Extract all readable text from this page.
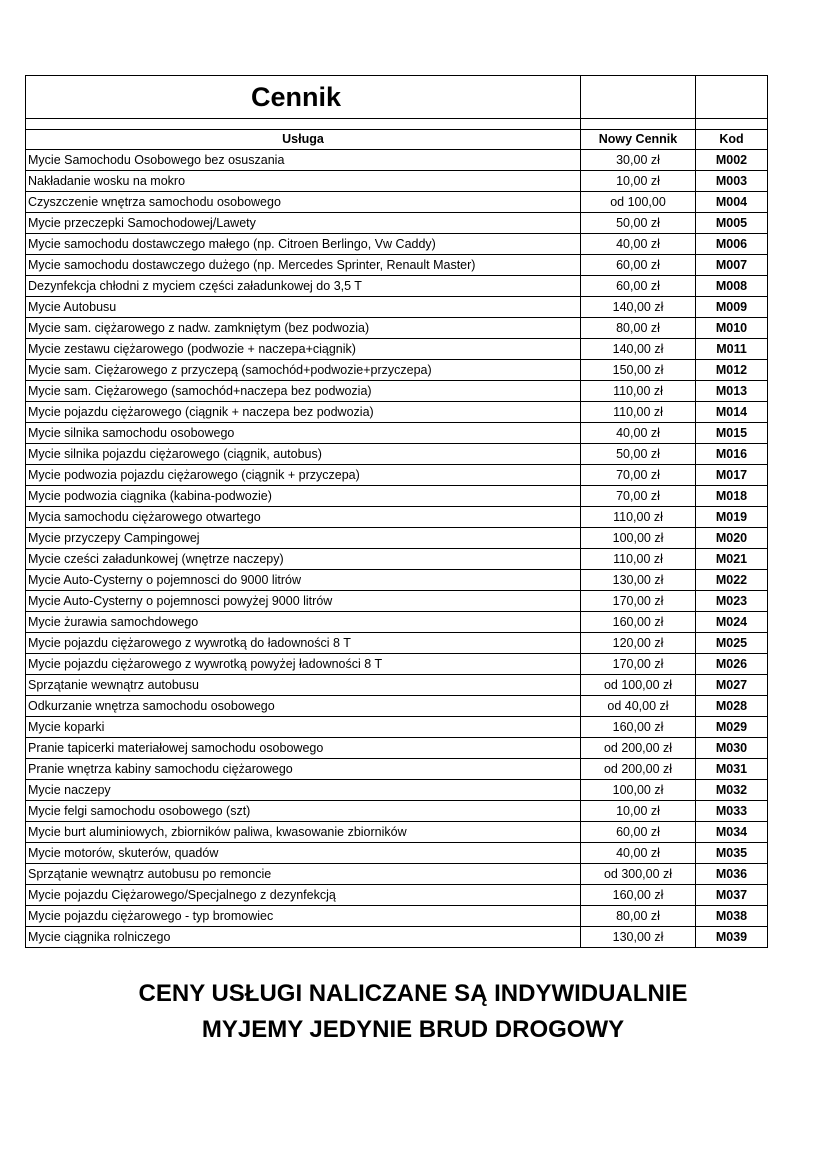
Cennik		

Usługa	Nowy Cennik	Kod
Mycie Samochodu Osobowego bez osuszania	30,00 zł	M002
Nakładanie wosku na mokro	10,00 zł	M003
Czyszczenie wnętrza samochodu osobowego	od 100,00	M004
Mycie przeczepki Samochodowej/Lawety	50,00 zł	M005
Mycie samochodu dostawczego małego (np. Citroen Berlingo, Vw Caddy)	40,00 zł	M006
Mycie samochodu dostawczego dużego (np. Mercedes Sprinter, Renault Master)	60,00 zł	M007
Dezynfekcja chłodni z myciem części załadunkowej do 3,5 T	60,00 zł	M008
Mycie Autobusu	140,00 zł	M009
Mycie sam. ciężarowego z nadw. zamkniętym (bez podwozia)	80,00 zł	M010
Mycie zestawu ciężarowego (podwozie + naczepa+ciągnik)	140,00 zł	M011
Mycie sam. Ciężarowego z przyczepą (samochód+podwozie+przyczepa)	150,00 zł	M012
Mycie sam. Ciężarowego (samochód+naczepa bez podwozia)	110,00 zł	M013
Mycie pojazdu ciężarowego (ciągnik + naczepa bez podwozia)	110,00 zł	M014
Mycie silnika samochodu osobowego	40,00 zł	M015
Mycie silnika pojazdu ciężarowego (ciągnik, autobus)	50,00 zł	M016
Mycie podwozia pojazdu ciężarowego (ciągnik + przyczepa)	70,00 zł	M017
Mycie podwozia ciągnika (kabina-podwozie)	70,00 zł	M018
Mycia samochodu ciężarowego otwartego	110,00 zł	M019
Mycie przyczepy Campingowej	100,00 zł	M020
Mycie cześci załadunkowej (wnętrze naczepy)	110,00 zł	M021
Mycie Auto-Cysterny o pojemnosci do 9000 litrów	130,00 zł	M022
Mycie Auto-Cysterny o pojemnosci powyżej 9000 litrów	170,00 zł	M023
Mycie żurawia samochdowego	160,00 zł	M024
Mycie pojazdu ciężarowego z wywrotką do ładowności 8 T	120,00 zł	M025
Mycie pojazdu ciężarowego z wywrotką powyżej ładowności 8 T	170,00 zł	M026
Sprzątanie wewnątrz autobusu	od 100,00 zł	M027
Odkurzanie wnętrza samochodu osobowego	od 40,00 zł	M028
Mycie koparki	160,00 zł	M029
Pranie tapicerki materiałowej samochodu osobowego	od 200,00 zł	M030
Pranie wnętrza kabiny samochodu ciężarowego	od 200,00 zł	M031
Mycie naczepy	100,00 zł	M032
Mycie felgi samochodu osobowego (szt)	10,00 zł	M033
Mycie burt aluminiowych, zbiorników paliwa, kwasowanie zbiorników	60,00 zł	M034
Mycie motorów, skuterów, quadów	40,00 zł	M035
Sprzątanie wewnątrz autobusu po remoncie	od 300,00 zł	M036
Mycie pojazdu Ciężarowego/Specjalnego z dezynfekcją	160,00 zł	M037
Mycie pojazdu ciężarowego - typ bromowiec	80,00 zł	M038
Mycie ciągnika rolniczego	130,00 zł	M039
CENY USŁUGI NALICZANE SĄ INDYWIDUALNIE
MYJEMY JEDYNIE BRUD DROGOWY
